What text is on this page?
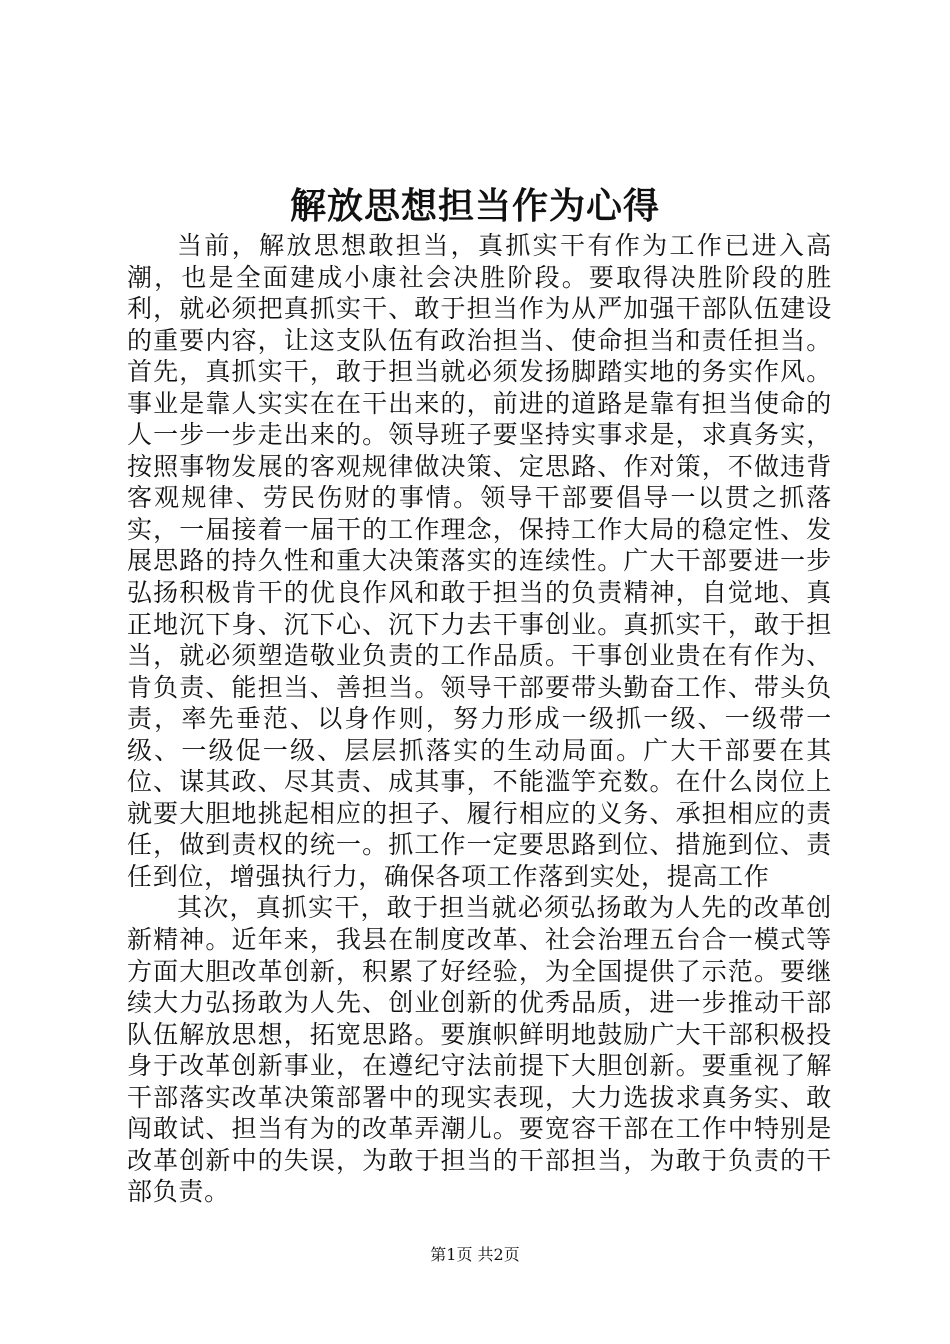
解放思想担当作为心得

当前，解放思想敢担当，真抓实干有作为工作已进入高潮，也是全面建成小康社会决胜阶段。要取得决胜阶段的胜利，就必须把真抓实干、敢于担当作为从严加强干部队伍建设的重要内容，让这支队伍有政治担当、使命担当和责任担当。首先，真抓实干，敢于担当就必须发扬脚踏实地的务实作风。事业是靠人实实在在干出来的，前进的道路是靠有担当使命的人一步一步走出来的。领导班子要坚持实事求是，求真务实，按照事物发展的客观规律做决策、定思路、作对策，不做违背客观规律、劳民伤财的事情。领导干部要倡导一以贯之抓落实，一届接着一届干的工作理念，保持工作大局的稳定性、发展思路的持久性和重大决策落实的连续性。广大干部要进一步弘扬积极肯干的优良作风和敢于担当的负责精神，自觉地、真正地沉下身、沉下心、沉下力去干事创业。真抓实干，敢于担当，就必须塑造敬业负责的工作品质。干事创业贵在有作为、肯负责、能担当、善担当。领导干部要带头勤奋工作、带头负责，率先垂范、以身作则，努力形成一级抓一级、一级带一级、一级促一级、层层抓落实的生动局面。广大干部要在其位、谋其政、尽其责、成其事，不能滥竽充数。在什么岗位上就要大胆地挑起相应的担子、履行相应的义务、承担相应的责任，做到责权的统一。抓工作一定要思路到位、措施到位、责任到位，增强执行力，确保各项工作落到实处，提高工作

其次，真抓实干，敢于担当就必须弘扬敢为人先的改革创新精神。近年来，我县在制度改革、社会治理五台合一模式等方面大胆改革创新，积累了好经验，为全国提供了示范。要继续大力弘扬敢为人先、创业创新的优秀品质，进一步推动干部队伍解放思想，拓宽思路。要旗帜鲜明地鼓励广大干部积极投身于改革创新事业，在遵纪守法前提下大胆创新。要重视了解干部落实改革决策部署中的现实表现，大力选拔求真务实、敢闯敢试、担当有为的改革弄潮儿。要宽容干部在工作中特别是改革创新中的失误，为敢于担当的干部担当，为敢于负责的干部负责。

第1页 共2页
